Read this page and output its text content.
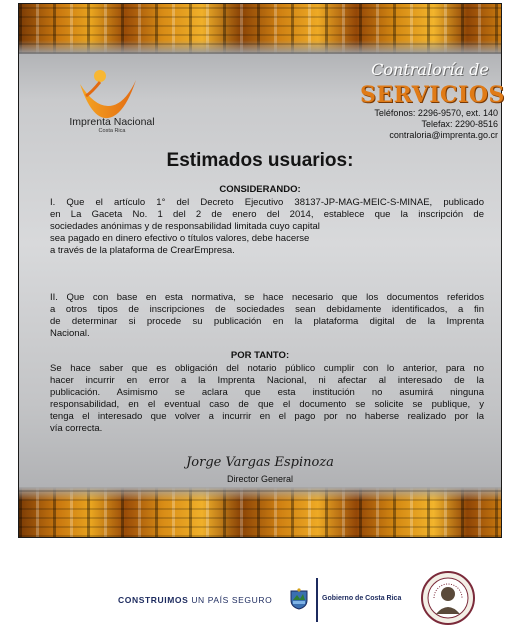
Imprenta Nacional
Costa Rica
Contraloría de
SERVICIOS
Teléfonos: 2296-9570, ext. 140
Telefax: 2290-8516
contraloria@imprenta.go.cr
Estimados usuarios:
CONSIDERANDO:
I. Que el artículo 1° del Decreto Ejecutivo 38137-JP-MAG-MEIC-S-MINAE, publicado
en La Gaceta No. 1 del 2 de enero del 2014, establece que la inscripción de
sociedades anónimas y de responsabilidad limitada cuyo capital
sea pagado en dinero efectivo o títulos valores, debe hacerse
a través de la plataforma de CrearEmpresa.
II. Que con base en esta normativa, se hace necesario que los documentos referidos
a otros tipos de inscripciones de sociedades sean debidamente identificados, a fin
de determinar si procede su publicación en la plataforma digital de la Imprenta
Nacional.
POR TANTO:
Se hace saber que es obligación del notario público cumplir con lo anterior, para no
hacer incurrir en error a la Imprenta Nacional, ni afectar al interesado de la
publicación. Asimismo se aclara que esta institución no asumirá ninguna
responsabilidad, en el eventual caso de que el documento se solicite se publique, y
tenga el interesado que volver a incurrir en el pago por no haberse realizado por la
vía correcta.
Jorge Vargas Espinoza
Director General
CONSTRUIMOS UN PAÍS SEGURO	Gobierno de Costa Rica
